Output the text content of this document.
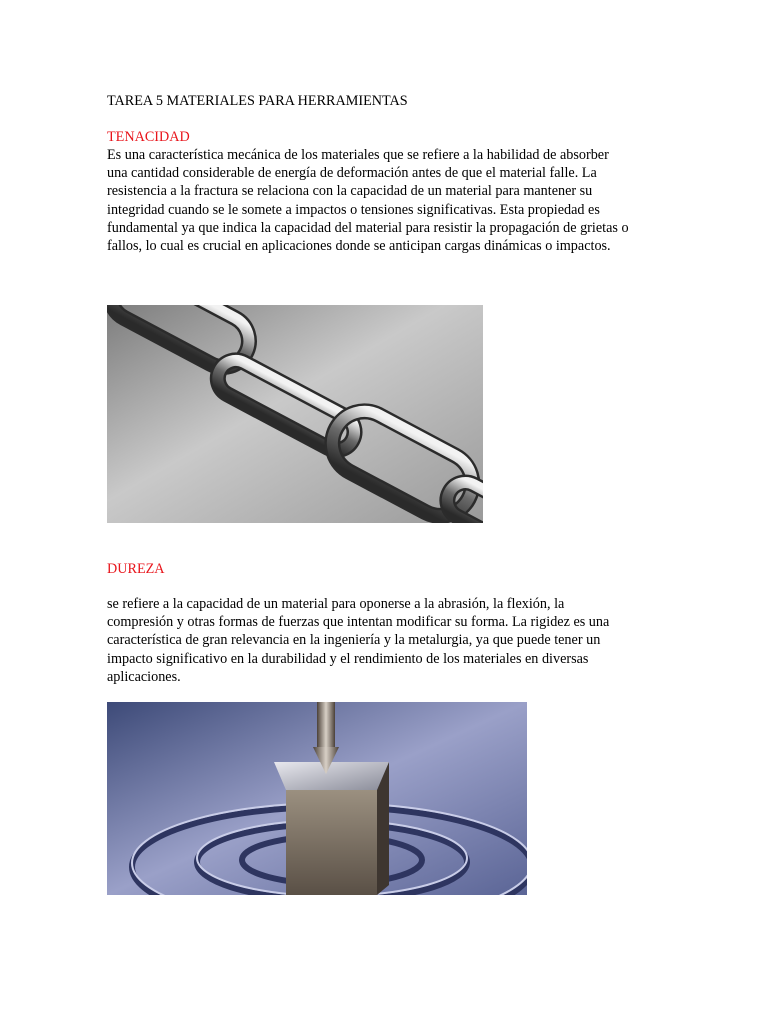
TAREA 5 MATERIALES PARA HERRAMIENTAS

TENACIDAD

Es una característica mecánica de los materiales que se refiere a la habilidad de absorber
una cantidad considerable de energía de deformación antes de que el material falle. La
resistencia a la fractura se relaciona con la capacidad de un material para mantener su
integridad cuando se le somete a impactos o tensiones significativas. Esta propiedad es
fundamental ya que indica la capacidad del material para resistir la propagación de grietas o
fallos, lo cual es crucial en aplicaciones donde se anticipan cargas dinámicas o impactos.

DUREZA

se refiere a la capacidad de un material para oponerse a la abrasión, la flexión, la
compresión y otras formas de fuerzas que intentan modificar su forma. La rigidez es una
característica de gran relevancia en la ingeniería y la metalurgia, ya que puede tener un
impacto significativo en la durabilidad y el rendimiento de los materiales en diversas
aplicaciones.
